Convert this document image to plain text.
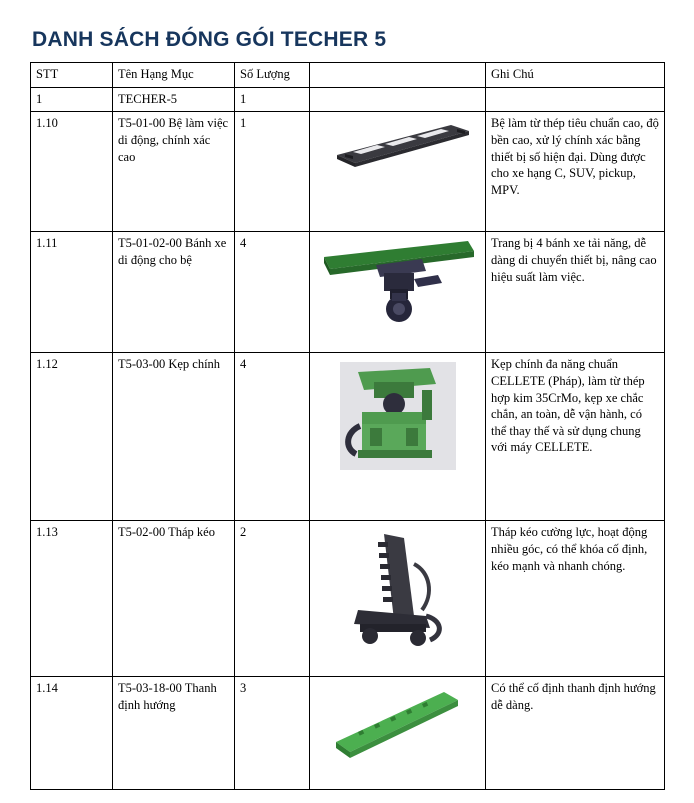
DANH SÁCH ĐÓNG GÓI TECHER 5
STT	Tên Hạng Mục	Số Lượng		Ghi Chú
1	TECHER-5	1		
1.10	T5-01-00 Bệ làm việc di động, chính xác cao	1		Bệ làm từ thép tiêu chuẩn cao, độ bền cao, xử lý chính xác bằng thiết bị số hiện đại. Dùng được cho xe hạng C, SUV, pickup, MPV.
1.11	T5-01-02-00 Bánh xe di động cho bệ	4		Trang bị 4 bánh xe tải năng, dễ dàng di chuyển thiết bị, nâng cao hiệu suất làm việc.
1.12	T5-03-00 Kẹp chính	4		Kẹp chính đa năng chuẩn CELLETE (Pháp), làm từ thép hợp kim 35CrMo, kẹp xe chắc chắn, an toàn, dễ vận hành, có thể thay thế và sử dụng chung với máy CELLETE.
1.13	T5-02-00 Tháp kéo	2		Tháp kéo cường lực, hoạt động nhiều góc, có thể khóa cố định, kéo mạnh và nhanh chóng.
1.14	T5-03-18-00 Thanh định hướng	3		Có thể cố định thanh định hướng dễ dàng.
